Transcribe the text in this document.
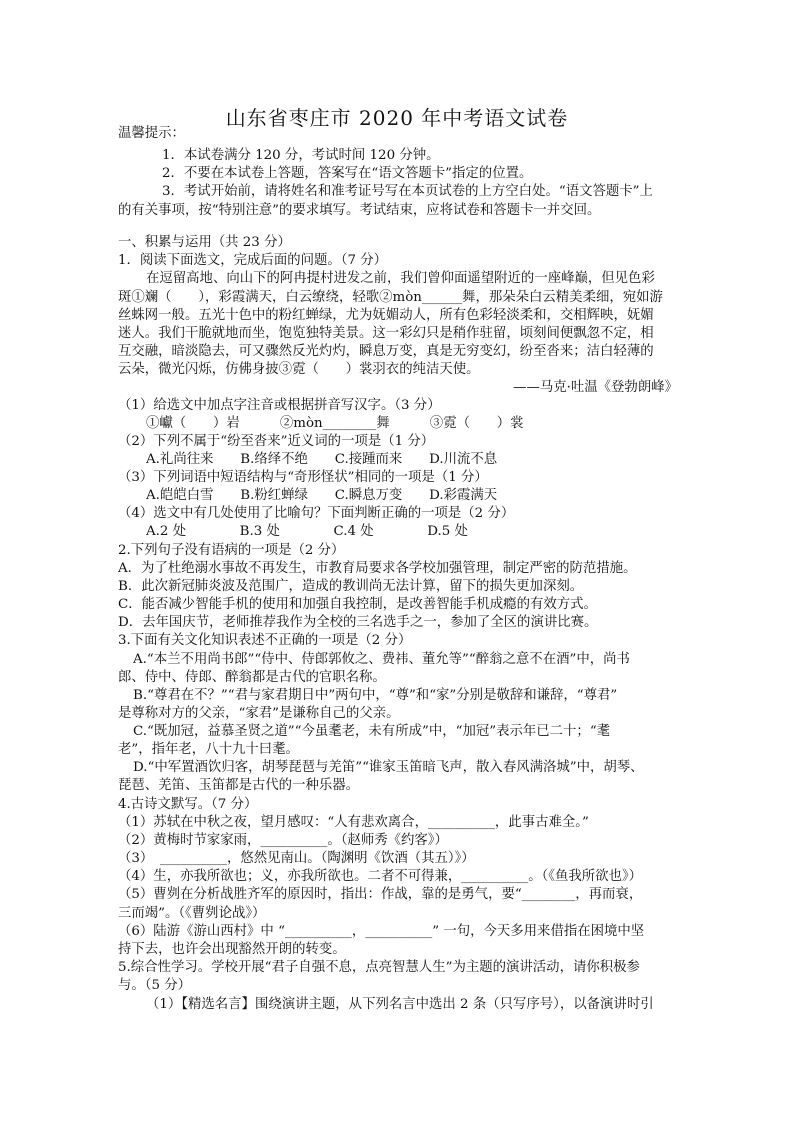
山东省枣庄市 2020 年中考语文试卷
温馨提示：
1．本试卷满分 120 分，考试时间 120 分钟。
2．不要在本试卷上答题，答案写在“语文答题卡”指定的位置。
3．考试开始前，请将姓名和准考证号写在本页试卷的上方空白处。“语文答题卡”上
的有关事项，按“特别注意”的要求填写。考试结束，应将试卷和答题卡一并交回。
一、积累与运用（共 23 分）
1．阅读下面选文，完成后面的问题。（7 分）
在逗留高地、向山下的阿冉提村进发之前，我们曾仰面遥望附近的一座峰巅，但见色彩
斑①斓（　　），彩霞满天，白云缭绕，轻歌②mòn______舞，那朵朵白云精美柔细，宛如游
丝蛛网一般。五光十色中的粉红蝉绿，尤为妩媚动人，所有色彩轻淡柔和，交相辉映，妩媚
迷人。我们干脆就地而坐，饱览独特美景。这一彩幻只是稍作驻留，顷刻间便飘忽不定，相
互交融，暗淡隐去，可又骤然反光灼灼，瞬息万变，真是无穷变幻，纷至沓来；洁白轻薄的
云朵，微光闪烁，仿佛身披③霓（　　）裳羽衣的纯洁天使。
——马克·吐温《登勃朗峰》
（1）给选文中加点字注音或根据拼音写汉字。（3 分）
①巘（　　）岩　　　②mòn________舞　　　③霓（　　）裳
（2）下列不属于“纷至沓来”近义词的一项是（1 分）
A.礼尚往来　　B.络绎不绝　　C.接踵而来　　D.川流不息
（3）下列词语中短语结构与“奇形怪状”相同的一项是（1 分）
A.皑皑白雪　　B.粉红蝉绿　　C.瞬息万变　　D.彩霞满天
（4）选文中有几处使用了比喻句？下面判断正确的一项是（2 分）
A.2 处　　　　B.3 处　　　　C.4 处　　　　D.5 处
2.下列句子没有语病的一项是（2 分）
A．为了杜绝溺水事故不再发生，市教育局要求各学校加强管理，制定严密的防范措施。
B．此次新冠肺炎波及范围广，造成的教训尚无法计算，留下的损失更加深刻。
C．能否减少智能手机的使用和加强自我控制，是改善智能手机成瘾的有效方式。
D．去年国庆节，老师推荐我作为全校的三名选手之一，参加了全区的演讲比赛。
3.下面有关文化知识表述不正确的一项是（2 分）
A.“本兰不用尚书郎”“侍中、侍郎郭攸之、费祎、董允等”“醉翁之意不在酒”中，尚书
郎、侍中、侍郎、醉翁都是古代的官职名称。
B.“尊君在不？”“君与家君期日中”两句中，“尊”和“家”分别是敬辞和谦辞，“尊君”
是尊称对方的父亲，“家君”是谦称自己的父亲。
C.“既加冠，益慕圣贤之道”“今虽耄老，未有所成”中，“加冠”表示年已二十；“耄
老”，指年老，八十九十曰耄。
D.“中军置酒饮归客，胡琴琵琶与羌笛”“谁家玉笛暗飞声，散入春风满洛城”中，胡琴、
琵琶、羌笛、玉笛都是古代的一种乐器。
4.古诗文默写。（7 分）
（1）苏轼在中秋之夜，望月感叹：“人有悲欢离合，__________，此事古难全。”
（2）黄梅时节家家雨，__________。（赵师秀《约客》）
（3）　__________，悠然见南山。（陶渊明《饮酒（其五）》）
（4）生，亦我所欲也；义，亦我所欲也。二者不可得兼，__________。（《鱼我所欲也》）
（5）曹刿在分析战胜齐军的原因时，指出：作战，靠的是勇气，要“________，再而衰，
三而竭”。（《曹刿论战》）
（6）陆游《游山西村》中 “__________，__________” 一句，今天多用来借指在困境中坚
持下去，也许会出现豁然开朗的转变。
5.综合性学习。学校开展“君子自强不息，点亮智慧人生”为主题的演讲活动，请你积极参
与。（5 分）
（1）【精选名言】围绕演讲主题，从下列名言中选出 2 条（只写序号），以备演讲时引
